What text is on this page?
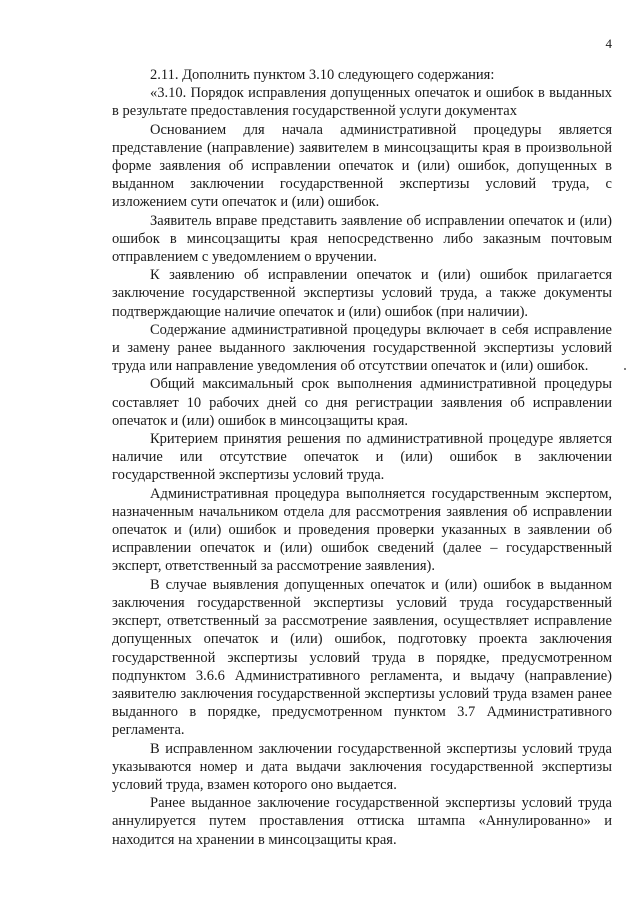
4

2.11. Дополнить пунктом 3.10 следующего содержания:

«3.10. Порядок исправления допущенных опечаток и ошибок в выданных в результате предоставления государственной услуги документах

Основанием для начала административной процедуры является представление (направление) заявителем в минсоцзащиты края в произвольной форме заявления об исправлении опечаток и (или) ошибок, допущенных в выданном заключении государственной экспертизы условий труда, с изложением сути опечаток и (или) ошибок.

Заявитель вправе представить заявление об исправлении опечаток и (или) ошибок в минсоцзащиты края непосредственно либо заказным почтовым отправлением с уведомлением о вручении.

К заявлению об исправлении опечаток и (или) ошибок прилагается заключение государственной экспертизы условий труда, а также документы подтверждающие наличие опечаток и (или) ошибок (при наличии).

Содержание административной процедуры включает в себя исправление и замену ранее выданного заключения государственной экспертизы условий труда или направление уведомления об отсутствии опечаток и (или) ошибок.

Общий максимальный срок выполнения административной процедуры составляет 10 рабочих дней со дня регистрации заявления об исправлении опечаток и (или) ошибок в минсоцзащиты края.

Критерием принятия решения по административной процедуре является наличие или отсутствие опечаток и (или) ошибок в заключении государственной экспертизы условий труда.

Административная процедура выполняется государственным экспертом, назначенным начальником отдела для рассмотрения заявления об исправлении опечаток и (или) ошибок и проведения проверки указанных в заявлении об исправлении опечаток и (или) ошибок сведений (далее – государственный эксперт, ответственный за рассмотрение заявления).

В случае выявления допущенных опечаток и (или) ошибок в выданном заключения государственной экспертизы условий труда государственный эксперт, ответственный за рассмотрение заявления, осуществляет исправление допущенных опечаток и (или) ошибок, подготовку проекта заключения государственной экспертизы условий труда в порядке, предусмотренном подпунктом 3.6.6 Административного регламента, и выдачу (направление) заявителю заключения государственной экспертизы условий труда взамен ранее выданного в порядке, предусмотренном пунктом 3.7 Административного регламента.

В исправленном заключении государственной экспертизы условий труда указываются номер и дата выдачи заключения государственной экспертизы условий труда, взамен которого оно выдается.

Ранее выданное заключение государственной экспертизы условий труда аннулируется путем проставления оттиска штампа «Аннулированно» и находится на хранении в минсоцзащиты края.
